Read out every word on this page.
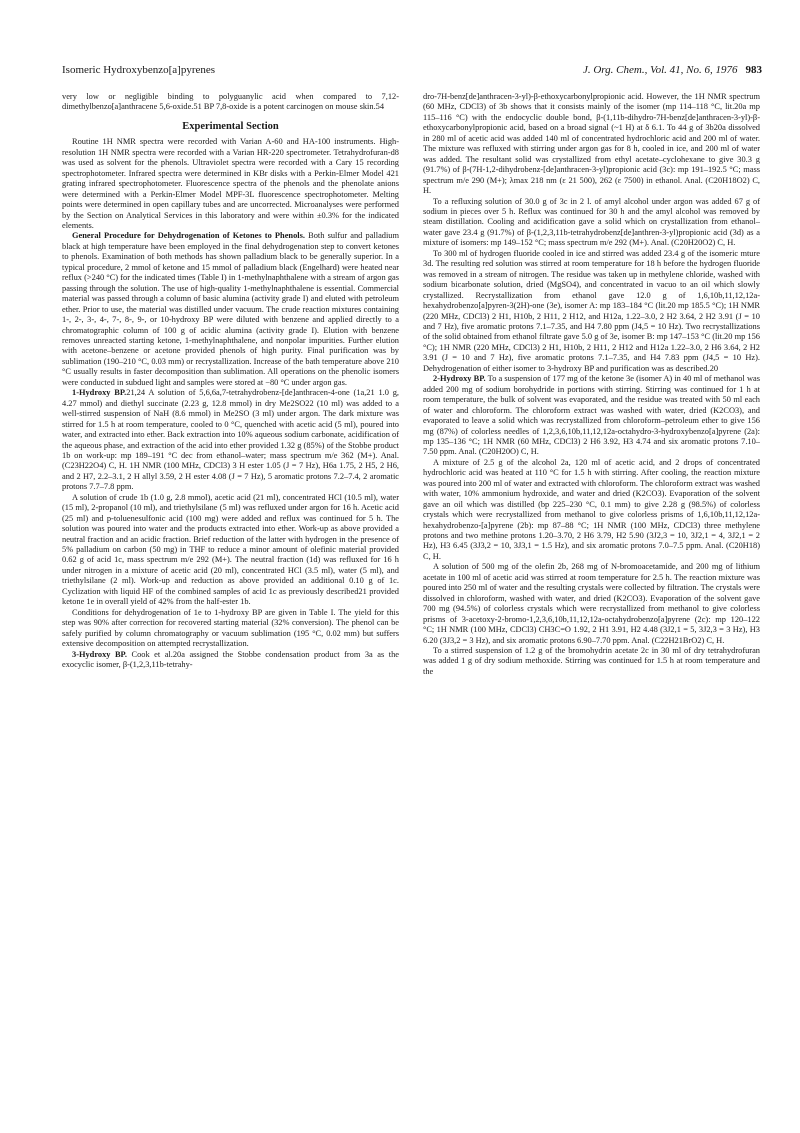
Isomeric Hydroxybenzo[a]pyrenes	J. Org. Chem., Vol. 41, No. 6, 1976 983

very low or negligible binding to polyguanylic acid when compared to 7,12-dimethylbenzo[a]anthracene 5,6-oxide.51 BP 7,8-oxide is a potent carcinogen on mouse skin.54

Experimental Section

Routine 1H NMR spectra were recorded with Varian A-60 and HA-100 instruments. High-resolution 1H NMR spectra were recorded with a Varian HR-220 spectrometer. Tetrahydrofuran-d8 was used as solvent for the phenols. Ultraviolet spectra were recorded with a Cary 15 recording spectrophotometer. Infrared spectra were determined in KBr disks with a Perkin-Elmer Model 421 grating infrared spectrophotometer. Fluorescence spectra of the phenols and the phenolate anions were determined with a Perkin-Elmer Model MPF-3L fluorescence spectrophotometer. Melting points were determined in open capillary tubes and are uncorrected. Microanalyses were performed by the Section on Analytical Services in this laboratory and were within ±0.3% for the indicated elements.

General Procedure for Dehydrogenation of Ketones to Phenols. Both sulfur and palladium black at high temperature have been employed in the final dehydrogenation step to convert ketones to phenols. Examination of both methods has shown palladium black to be generally superior. In a typical procedure, 2 mmol of ketone and 15 mmol of palladium black (Engelhard) were heated near reflux (>240 °C) for the indicated times (Table I) in 1-methylnaphthalene with a stream of argon gas passing through the solution. The use of high-quality 1-methylnaphthalene is essential. Commercial material was passed through a column of basic alumina (activity grade I) and eluted with petroleum ether. Prior to use, the material was distilled under vacuum. The crude reaction mixtures containing 1-, 2-, 3-, 4-, 7-, 8-, 9-, or 10-hydroxy BP were diluted with benzene and applied directly to a chromatographic column of 100 g of acidic alumina (activity grade I). Elution with benzene removes unreacted starting ketone, 1-methylnaphthalene, and nonpolar impurities. Further elution with acetone–benzene or acetone provided phenols of high purity. Final purification was by sublimation (190–210 °C, 0.03 mm) or recrystallization. Increase of the bath temperature above 210 °C usually results in faster decomposition than sublimation. All operations on the phenolic isomers were conducted in subdued light and samples were stored at −80 °C under argon gas.

1-Hydroxy BP.21,24 A solution of 5,6,6a,7-tetrahydrobenz-[de]anthracen-4-one (1a,21 1.0 g, 4.27 mmol) and diethyl succinate (2.23 g, 12.8 mmol) in dry Me2SO22 (10 ml) was added to a well-stirred suspension of NaH (8.6 mmol) in Me2SO (3 ml) under argon. The dark mixture was stirred for 1.5 h at room temperature, cooled to 0 °C, quenched with acetic acid (5 ml), poured into water, and extracted into ether. Back extraction into 10% aqueous sodium carbonate, acidification of the aqueous phase, and extraction of the acid into ether provided 1.32 g (85%) of the Stobbe product 1b on work-up: mp 189–191 °C dec from ethanol–water; mass spectrum m/e 362 (M+). Anal. (C23H22O4) C, H. 1H NMR (100 MHz, CDCl3) 3 H ester 1.05 (J = 7 Hz), H6a 1.75, 2 H5, 2 H6, and 2 H7, 2.2–3.1, 2 H allyl 3.59, 2 H ester 4.08 (J = 7 Hz), 5 aromatic protons 7.2–7.4, 2 aromatic protons 7.7–7.8 ppm.

A solution of crude 1b (1.0 g, 2.8 mmol), acetic acid (21 ml), concentrated HCl (10.5 ml), water (15 ml), 2-propanol (10 ml), and triethylsilane (5 ml) was refluxed under argon for 16 h. Acetic acid (25 ml) and p-toluenesulfonic acid (100 mg) were added and reflux was continued for 5 h. The solution was poured into water and the products extracted into ether. Work-up as above provided a neutral fraction and an acidic fraction. Brief reduction of the latter with hydrogen in the presence of 5% palladium on carbon (50 mg) in THF to reduce a minor amount of olefinic material provided 0.62 g of acid 1c, mass spectrum m/e 292 (M+). The neutral fraction (1d) was refluxed for 16 h under nitrogen in a mixture of acetic acid (20 ml), concentrated HCl (3.5 ml), water (5 ml), and triethylsilane (2 ml). Work-up and reduction as above provided an additional 0.10 g of 1c. Cyclization with liquid HF of the combined samples of acid 1c as previously described21 provided ketone 1e in overall yield of 42% from the half-ester 1b.

Conditions for dehydrogenation of 1e to 1-hydroxy BP are given in Table I. The yield for this step was 90% after correction for recovered starting material (32% conversion). The phenol can be safely purified by column chromatography or vacuum sublimation (195 °C, 0.02 mm) but suffers extensive decomposition on attempted recrystallization.

3-Hydroxy BP. Cook et al.20a assigned the Stobbe condensation product from 3a as the exocyclic isomer, β-(1,2,3,11b-tetrahy-

dro-7H-benz[de]anthracen-3-yl)-β-ethoxycarbonylpropionic acid. However, the 1H NMR spectrum (60 MHz, CDCl3) of 3b shows that it consists mainly of the isomer (mp 114–118 °C, lit.20a mp 115–116 °C) with the endocyclic double bond, β-(1,11b-dihydro-7H-benz[de]anthracen-3-yl)-β-ethoxycarbonylpropionic acid, based on a broad signal (~1 H) at δ 6.1. To 44 g of 3b20a dissolved in 280 ml of acetic acid was added 140 ml of concentrated hydrochloric acid and 200 ml of water. The mixture was refluxed with stirring under argon gas for 8 h, cooled in ice, and 200 ml of water was added. The resultant solid was crystallized from ethyl acetate–cyclohexane to give 30.3 g (91.7%) of β-(7H-1,2-dihydrobenz-[de]anthracen-3-yl)propionic acid (3c): mp 191–192.5 °C; mass spectrum m/e 290 (M+); λmax 218 nm (ε 21 500), 262 (ε 7500) in ethanol. Anal. (C20H18O2) C, H.

To a refluxing solution of 30.0 g of 3c in 2 l. of amyl alcohol under argon was added 67 g of sodium in pieces over 5 h. Reflux was continued for 30 h and the amyl alcohol was removed by steam distillation. Cooling and acidification gave a solid which on crystallization from ethanol–water gave 23.4 g (91.7%) of β-(1,2,3,11b-tetrahydrobenz[de]anthren-3-yl)propionic acid (3d) as a mixture of isomers: mp 149–152 °C; mass spectrum m/e 292 (M+). Anal. (C20H20O2) C, H.

To 300 ml of hydrogen fluoride cooled in ice and stirred was added 23.4 g of the isomeric mture 3d. The resulting red solution was stirred at room temperature for 18 h before the hydrogen fluoride was removed in a stream of nitrogen. The residue was taken up in methylene chloride, washed with sodium bicarbonate solution, dried (MgSO4), and concentrated in vacuo to an oil which slowly crystallized. Recrystallization from ethanol gave 12.0 g of 1,6,10b,11,12,12a-hexahydrobenzo[a]pyren-3(2H)-one (3e), isomer A: mp 183–184 °C (lit.20 mp 185.5 °C); 1H NMR (220 MHz, CDCl3) 2 H1, H10b, 2 H11, 2 H12, and H12a, 1.22–3.0, 2 H2 3.64, 2 H2 3.91 (J = 10 and 7 Hz), five aromatic protons 7.1–7.35, and H4 7.80 ppm (J4,5 = 10 Hz). Two recrystallizations of the solid obtained from ethanol filtrate gave 5.0 g of 3e, isomer B: mp 147–153 °C (lit.20 mp 156 °C); 1H NMR (220 MHz, CDCl3) 2 H1, H10b, 2 H11, 2 H12 and H12a 1.22–3.0, 2 H6 3.64, 2 H2 3.91 (J = 10 and 7 Hz), five aromatic protons 7.1–7.35, and H4 7.83 ppm (J4,5 = 10 Hz). Dehydrogenation of either isomer to 3-hydroxy BP and purification was as described.20

2-Hydroxy BP. To a suspension of 177 mg of the ketone 3e (isomer A) in 40 ml of methanol was added 200 mg of sodium borohydride in portions with stirring. Stirring was continued for 1 h at room temperature, the bulk of solvent was evaporated, and the residue was treated with 50 ml each of water and chloroform. The chloroform extract was washed with water, dried (K2CO3), and evaporated to leave a solid which was recrystallized from chloroform–petroleum ether to give 156 mg (87%) of colorless needles of 1,2,3,6,10b,11,12,12a-octahydro-3-hydroxybenzo[a]pyrene (2a): mp 135–136 °C; 1H NMR (60 MHz, CDCl3) 2 H6 3.92, H3 4.74 and six aromatic protons 7.10–7.50 ppm. Anal. (C20H20O) C, H.

A mixture of 2.5 g of the alcohol 2a, 120 ml of acetic acid, and 2 drops of concentrated hydrochloric acid was heated at 110 °C for 1.5 h with stirring. After cooling, the reaction mixture was poured into 200 ml of water and extracted with chloroform. The chloroform extract was washed with water, 10% ammonium hydroxide, and water and dried (K2CO3). Evaporation of the solvent gave an oil which was distilled (bp 225–230 °C, 0.1 mm) to give 2.28 g (98.5%) of colorless crystals which were recrystallized from methanol to give colorless prisms of 1,6,10b,11,12,12a-hexahydrobenzo-[a]pyrene (2b): mp 87–88 °C; 1H NMR (100 MHz, CDCl3) three methylene protons and two methine protons 1.20–3.70, 2 H6 3.79, H2 5.90 (3J2,3 = 10, 3J2,1 = 4, 3J2,1 = 2 Hz), H3 6.45 (3J3,2 = 10, 3J3,1 = 1.5 Hz), and six aromatic protons 7.0–7.5 ppm. Anal. (C20H18) C, H.

A solution of 500 mg of the olefin 2b, 268 mg of N-bromoacetamide, and 200 mg of lithium acetate in 100 ml of acetic acid was stirred at room temperature for 2.5 h. The reaction mixture was poured into 250 ml of water and the resulting crystals were collected by filtration. The crystals were dissolved in chloroform, washed with water, and dried (K2CO3). Evaporation of the solvent gave 700 mg (94.5%) of colorless crystals which were recrystallized from methanol to give colorless prisms of 3-acetoxy-2-bromo-1,2,3,6,10b,11,12,12a-octahydrobenzo[a]pyrene (2c): mp 120–122 °C; 1H NMR (100 MHz, CDCl3) CH3C=O 1.92, 2 H1 3.91, H2 4.48 (3J2,1 = 5, 3J2,3 = 3 Hz), H3 6.20 (3J3,2 = 3 Hz), and six aromatic protons 6.90–7.70 ppm. Anal. (C22H21BrO2) C, H.

To a stirred suspension of 1.2 g of the bromohydrin acetate 2c in 30 ml of dry tetrahydrofuran was added 1 g of dry sodium methoxide. Stirring was continued for 1.5 h at room temperature and the
